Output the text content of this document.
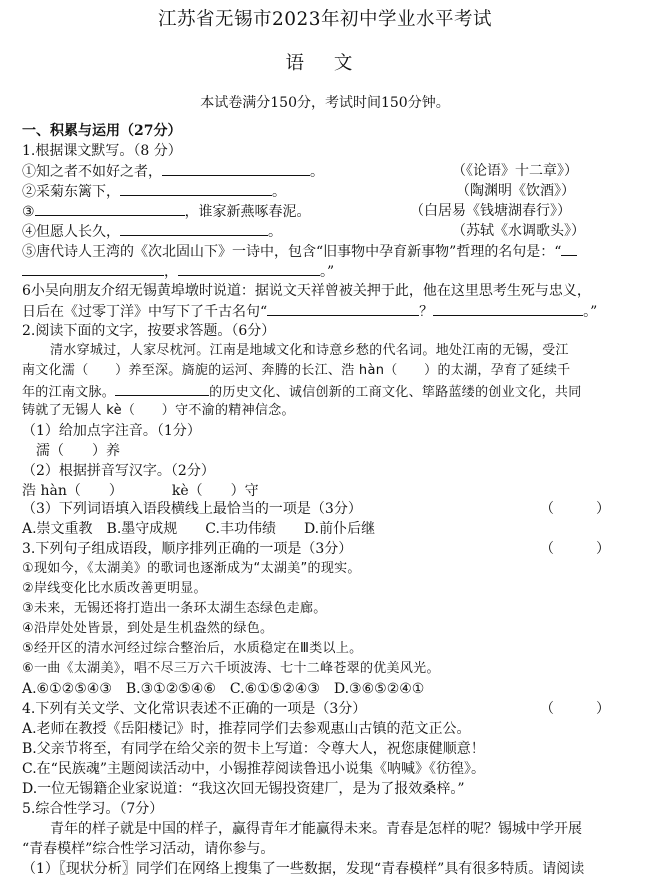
江苏省无锡市2023年初中学业水平考试
语 文
本试卷满分150分，考试时间150分钟。
一、积累与运用（27分）
1.根据课文默写。（8 分）
①知之者不如好之者，	。	（《论语》十二章》）
②采菊东篱下，	。	（陶渊明《饮酒》）
③	，谁家新燕啄春泥。	（白居易《钱塘湖春行》）
④但愿人长久，	。	（苏轼《水调歌头》）
⑤唐代诗人王湾的《次北固山下》一诗中，包含“旧事物中孕育新事物”哲理的名句是：“
，	。”
6小吴向朋友介绍无锡黄埠墩时说道：据说文天祥曾被关押于此，他在这里思考生死与忠义，
日后在《过零丁洋》中写下了千古名句“	？	。”
2.阅读下面的文字，按要求答题。（6分）
清水穿城过，人家尽枕河。江南是地域文化和诗意乡愁的代名词。地处江南的无锡，受江
南文化濡（　　）养至深。旖旎的运河、奔腾的长江、浩 hàn（　　）的太湖，孕育了延续千
年的江南文脉。	的历史文化、诚信创新的工商文化、筚路蓝缕的创业文化，共同
铸就了无锡人 kè（　　）守不渝的精神信念。
（1）给加点字注音。（1分）
濡（　　）养
（2）根据拼音写汉字。（2分）
浩 hàn（　　）　　　　kè（　　）守
（3）下列词语填入语段横线上最恰当的一项是（3分）	（　　　）
A.崇文重教　B.墨守成规　　C.丰功伟绩　　D.前仆后继
3.下列句子组成语段，顺序排列正确的一项是（3分）	（　　　）
①现如今，《太湖美》的歌词也逐渐成为“太湖美”的现实。
②岸线变化比水质改善更明显。
③未来，无锡还将打造出一条环太湖生态绿色走廊。
④沿岸处处皆景，到处是生机盎然的绿色。
⑤经开区的清水河经过综合整治后，水质稳定在Ⅲ类以上。
⑥一曲《太湖美》，唱不尽三万六千顷波涛、七十二峰苍翠的优美风光。
A.⑥①②⑤④③　B.③①②⑤④⑥　C.⑥①⑤②④③　D.③⑥⑤②④①
4.下列有关文学、文化常识表述不正确的一项是（3分）	（　　　）
A.老师在教授《岳阳楼记》时，推荐同学们去参观惠山古镇的范文正公。
B.父亲节将至，有同学在给父亲的贺卡上写道：令尊大人，祝您康健顺意！
C.在“民族魂”主题阅读活动中，小锡推荐阅读鲁迅小说集《呐喊》《彷徨》。
D.一位无锡籍企业家说道：“我这次回无锡投资建厂，是为了报效桑梓。”
5.综合性学习。（7分）
青年的样子就是中国的样子，赢得青年才能赢得未来。青春是怎样的呢？锡城中学开展
“青春模样”综合性学习活动，请你参与。
（1）〖现状分析〗同学们在网络上搜集了一些数据，发现“青春模样”具有很多特质。请阅读
